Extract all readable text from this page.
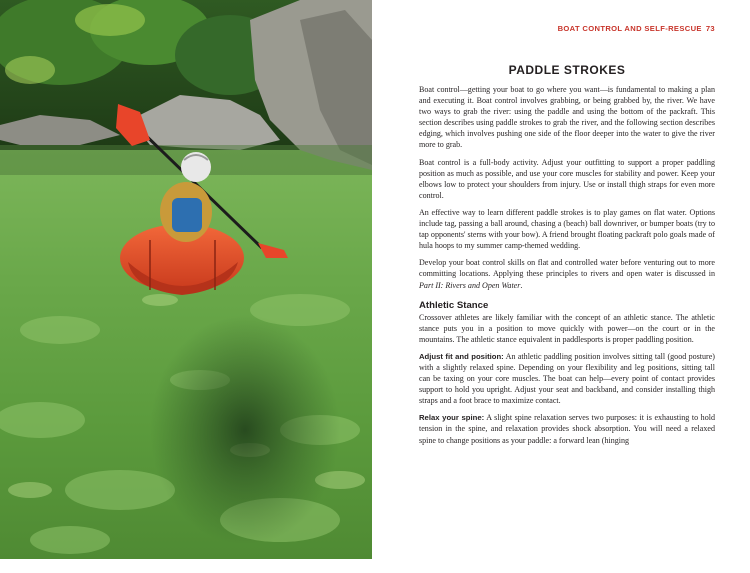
BOAT CONTROL AND SELF-RESCUE 73
PADDLE STROKES

Boat control—getting your boat to go where you want—is fundamental to making a plan and executing it. Boat control involves grabbing, or being grabbed by, the river. We have two ways to grab the river: using the paddle and using the bottom of the packraft. This section describes using paddle strokes to grab the river, and the following section describes edging, which involves pushing one side of the floor deeper into the water to give the river more to grab.

Boat control is a full-body activity. Adjust your outfitting to support a proper paddling position as much as possible, and use your core muscles for stability and power. Keep your elbows low to protect your shoulders from injury. Use or install thigh straps for even more control.

An effective way to learn different paddle strokes is to play games on flat water. Options include tag, passing a ball around, chasing a (beach) ball downriver, or bumper boats (try to tap opponents' sterns with your bow). A friend brought floating packraft polo goals made of hula hoops to my summer camp-themed wedding.

Develop your boat control skills on flat and controlled water before venturing out to more committing locations. Applying these principles to rivers and open water is discussed in Part II: Rivers and Open Water.

Athletic Stance

Crossover athletes are likely familiar with the concept of an athletic stance. The athletic stance puts you in a position to move quickly with power—on the court or in the mountains. The athletic stance equivalent in paddlesports is proper paddling position.

Adjust fit and position: An athletic paddling position involves sitting tall (good posture) with a slightly relaxed spine. Depending on your flexibility and leg positions, sitting tall can be taxing on your core muscles. The boat can help—every point of contact provides support to hold you upright. Adjust your seat and backband, and consider installing thigh straps and a foot brace to maximize contact.

Relax your spine: A slight spine relaxation serves two purposes: it is exhausting to hold tension in the spine, and relaxation provides shock absorption. You will need a relaxed spine to change positions as your paddle: a forward lean (hinging
